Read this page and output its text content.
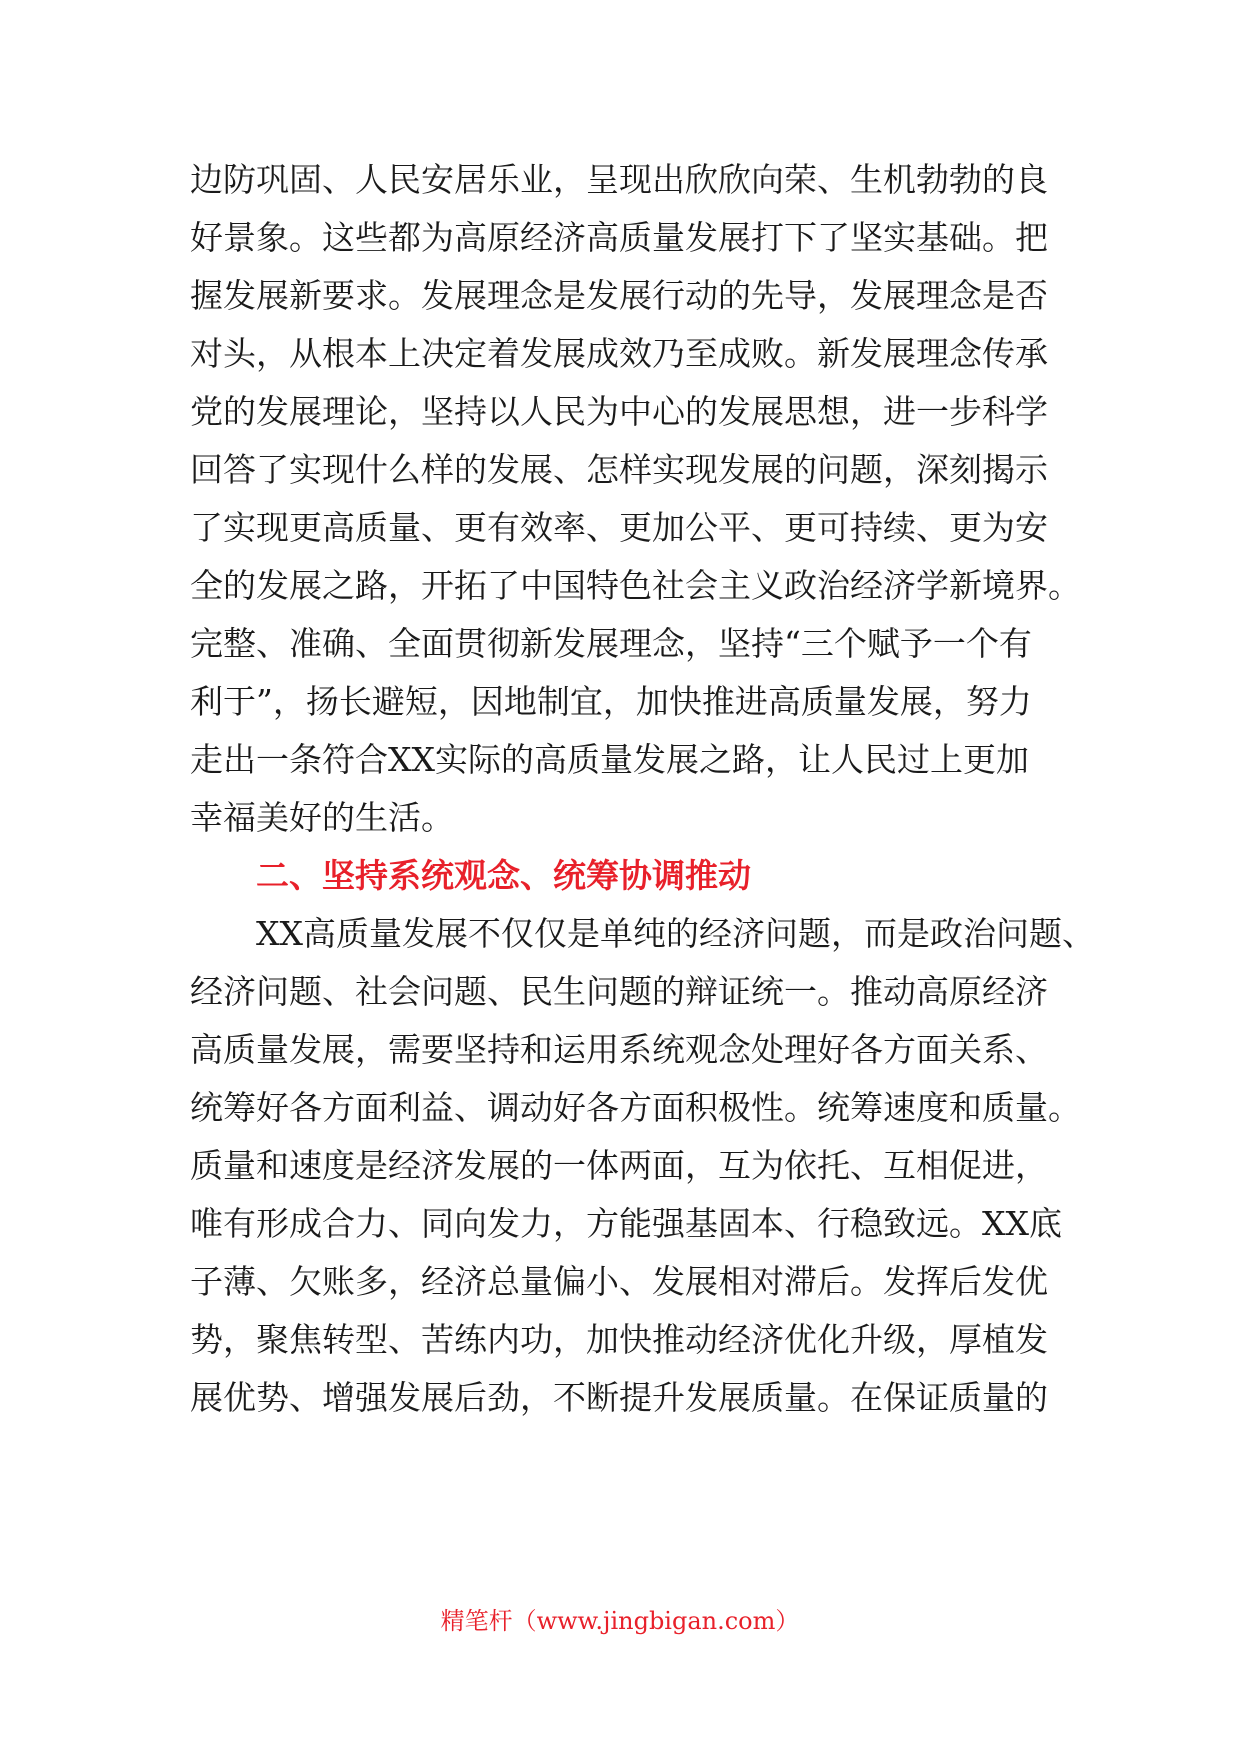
边防巩固、人民安居乐业，呈现出欣欣向荣、生机勃勃的良
好景象。这些都为高原经济高质量发展打下了坚实基础。把
握发展新要求。发展理念是发展行动的先导，发展理念是否
对头，从根本上决定着发展成效乃至成败。新发展理念传承
党的发展理论，坚持以人民为中心的发展思想，进一步科学
回答了实现什么样的发展、怎样实现发展的问题，深刻揭示
了实现更高质量、更有效率、更加公平、更可持续、更为安
全的发展之路，开拓了中国特色社会主义政治经济学新境界。
完整、准确、全面贯彻新发展理念，坚持“三个赋予一个有
利于”，扬长避短，因地制宜，加快推进高质量发展，努力
走出一条符合XX实际的高质量发展之路，让人民过上更加
幸福美好的生活。
二、坚持系统观念、统筹协调推动
XX高质量发展不仅仅是单纯的经济问题，而是政治问题、
经济问题、社会问题、民生问题的辩证统一。推动高原经济
高质量发展，需要坚持和运用系统观念处理好各方面关系、
统筹好各方面利益、调动好各方面积极性。统筹速度和质量。
质量和速度是经济发展的一体两面，互为依托、互相促进，
唯有形成合力、同向发力，方能强基固本、行稳致远。XX底
子薄、欠账多，经济总量偏小、发展相对滞后。发挥后发优
势，聚焦转型、苦练内功，加快推动经济优化升级，厚植发
展优势、增强发展后劲，不断提升发展质量。在保证质量的
精笔杆（www.jingbigan.com）
